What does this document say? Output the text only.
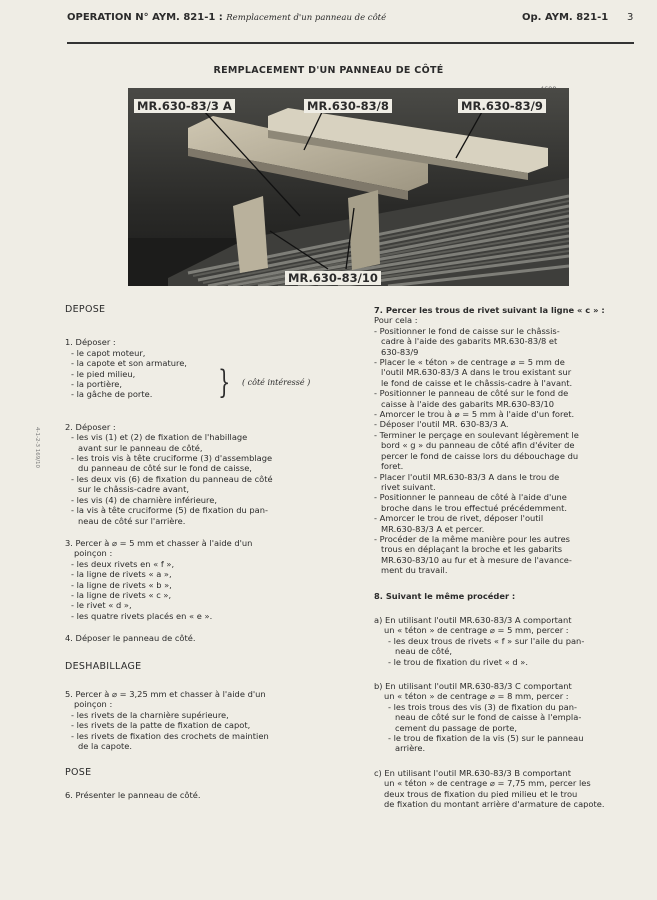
OPERATION N° AYM. 821-1 : Remplacement d'un panneau de côté	Op. AYM. 821-1 3
REMPLACEMENT D'UN PANNEAU DE CÔTÉ
MR.630-83/3 A	MR.630-83/8	MR.630-83/9
MR.630-83/10
} ( côté intéressé )
4-1-2-3 169/10
DEPOSE
1. Déposer :
- le capot moteur,
- la capote et son armature,
- le pied milieu,
- la portière,
- la gâche de porte.
2. Déposer :
- les vis (1) et (2) de fixation de l'habillage
avant sur le panneau de côté,
- les trois vis à tête cruciforme (3) d'assemblage
du panneau de côté sur le fond de caisse,
- les deux vis (6) de fixation du panneau de côté
sur le châssis-cadre avant,
- les vis (4) de charnière inférieure,
- la vis à tête cruciforme (5) de fixation du pan-
neau de côté sur l'arrière.
3. Percer à ⌀ = 5 mm et chasser à l'aide d'un
poinçon :
- les deux rivets en « f »,
- la ligne de rivets « a »,
- la ligne de rivets « b »,
- la ligne de rivets « c »,
- le rivet « d »,
- les quatre rivets placés en « e ».
4. Déposer le panneau de côté.
DESHABILLAGE
5. Percer à ⌀ = 3,25 mm et chasser à l'aide d'un
poinçon :
- les rivets de la charnière supérieure,
- les rivets de la patte de fixation de capot,
- les rivets de fixation des crochets de maintien
de la capote.
POSE
6. Présenter le panneau de côté.
7. Percer les trous de rivet suivant la ligne « c » :
Pour cela :
- Positionner le fond de caisse sur le châssis-
cadre à l'aide des gabarits MR.630-83/8 et
630-83/9
- Placer le « téton » de centrage ⌀ = 5 mm de
l'outil MR.630-83/3 A dans le trou existant sur
le fond de caisse et le châssis-cadre à l'avant.
- Positionner le panneau de côté sur le fond de
caisse à l'aide des gabarits MR.630-83/10
- Amorcer le trou à ⌀ = 5 mm à l'aide d'un foret.
- Déposer l'outil MR. 630-83/3 A.
- Terminer le perçage en soulevant légèrement le
bord « g » du panneau de côté afin d'éviter de
percer le fond de caisse lors du débouchage du
foret.
- Placer l'outil MR.630-83/3 A dans le trou de
rivet suivant.
- Positionner le panneau de côté à l'aide d'une
broche dans le trou effectué précédemment.
- Amorcer le trou de rivet, déposer l'outil
MR.630-83/3 A et percer.
- Procéder de la même manière pour les autres
trous en déplaçant la broche et les gabarits
MR.630-83/10 au fur et à mesure de l'avance-
ment du travail.
8. Suivant le même procéder :
a) En utilisant l'outil MR.630-83/3 A comportant
un « téton » de centrage ⌀ = 5 mm, percer :
- les deux trous de rivets « f » sur l'aile du pan-
neau de côté,
- le trou de fixation du rivet « d ».
b) En utilisant l'outil MR.630-83/3 C comportant
un « téton » de centrage ⌀ = 8 mm, percer :
- les trois trous des vis (3) de fixation du pan-
neau de côté sur le fond de caisse à l'empla-
cement du passage de porte,
- le trou de fixation de la vis (5) sur le panneau
arrière.
c) En utilisant l'outil MR.630-83/3 B comportant
un « téton » de centrage ⌀ = 7,75 mm, percer les
deux trous de fixation du pied milieu et le trou
de fixation du montant arrière d'armature de capote.
